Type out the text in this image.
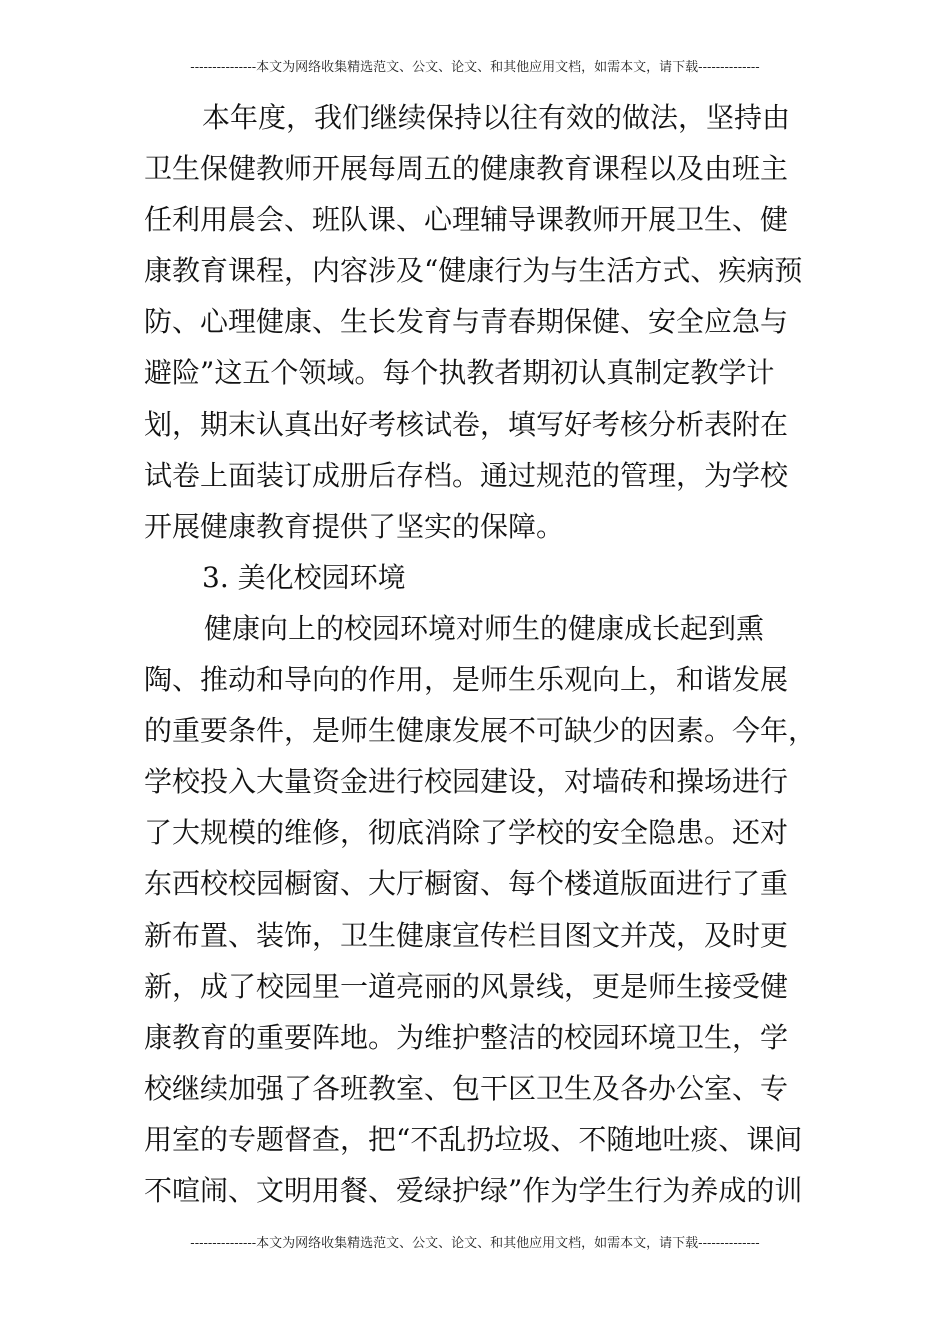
---------------本文为网络收集精选范文、公文、论文、和其他应用文档，如需本文，请下载--------------
本年度，我们继续保持以往有效的做法，坚持由
卫生保健教师开展每周五的健康教育课程以及由班主
任利用晨会、班队课、心理辅导课教师开展卫生、健
康教育课程，内容涉及“健康行为与生活方式、疾病预
防、心理健康、生长发育与青春期保健、安全应急与
避险”这五个领域。每个执教者期初认真制定教学计
划，期末认真出好考核试卷，填写好考核分析表附在
试卷上面装订成册后存档。通过规范的管理，为学校
开展健康教育提供了坚实的保障。
3. 美化校园环境
健康向上的校园环境对师生的健康成长起到熏
陶、推动和导向的作用，是师生乐观向上，和谐发展
的重要条件，是师生健康发展不可缺少的因素。今年，
学校投入大量资金进行校园建设，对墙砖和操场进行
了大规模的维修，彻底消除了学校的安全隐患。还对
东西校校园橱窗、大厅橱窗、每个楼道版面进行了重
新布置、装饰，卫生健康宣传栏目图文并茂，及时更
新，成了校园里一道亮丽的风景线，更是师生接受健
康教育的重要阵地。为维护整洁的校园环境卫生，学
校继续加强了各班教室、包干区卫生及各办公室、专
用室的专题督查，把“不乱扔垃圾、不随地吐痰、课间
不喧闹、文明用餐、爱绿护绿”作为学生行为养成的训
---------------本文为网络收集精选范文、公文、论文、和其他应用文档，如需本文，请下载--------------
